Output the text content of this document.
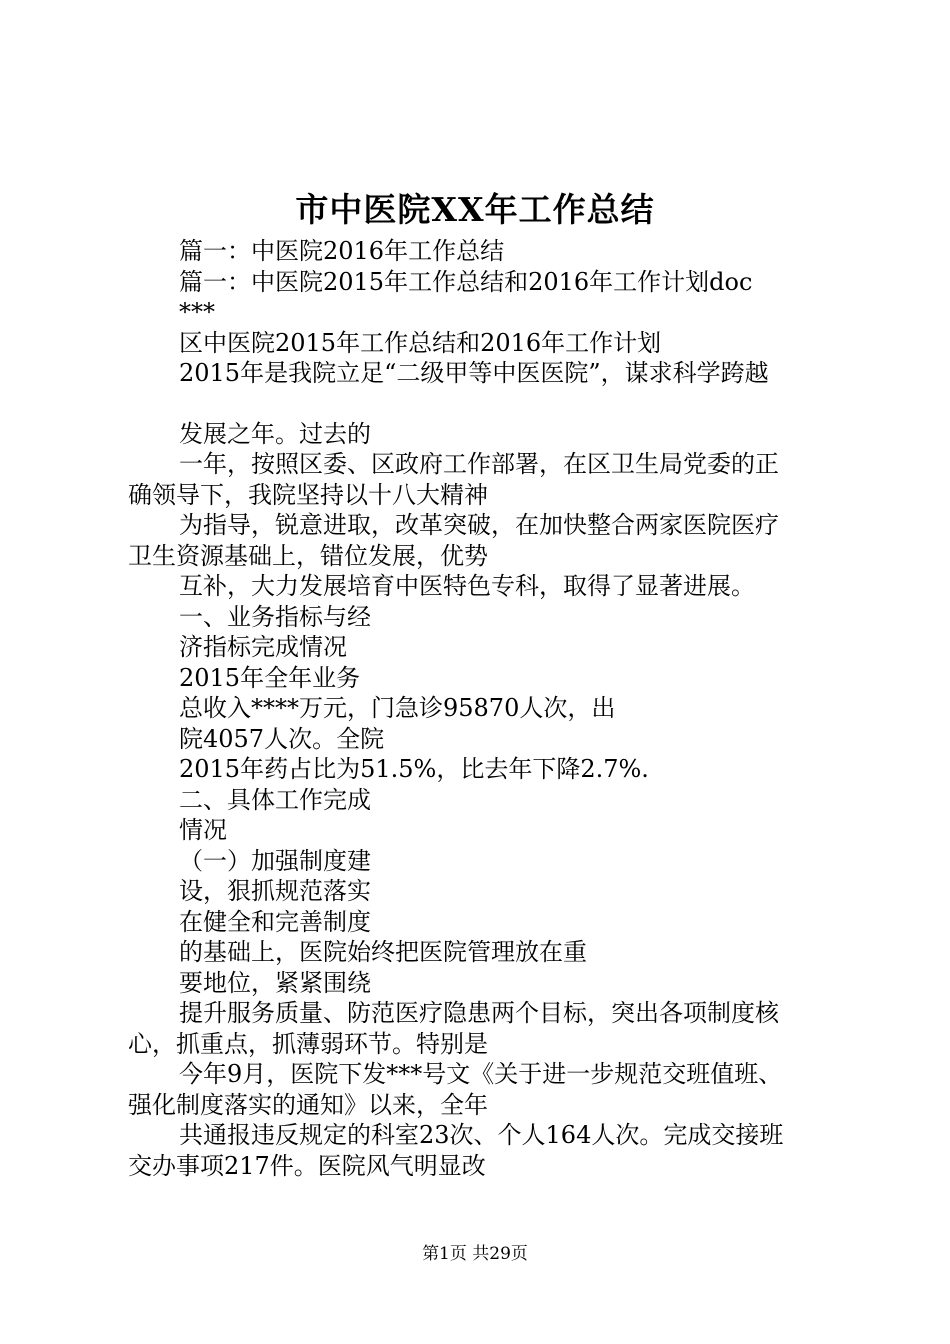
市中医院XX年工作总结
篇一：中医院2016年工作总结
篇一：中医院2015年工作总结和2016年工作计划doc
***
区中医院2015年工作总结和2016年工作计划
2015年是我院立足“二级甲等中医医院”，谋求科学跨越
发展之年。过去的
一年，按照区委、区政府工作部署，在区卫生局党委的正
确领导下，我院坚持以十八大精神
为指导，锐意进取，改革突破，在加快整合两家医院医疗
卫生资源基础上，错位发展，优势
互补，大力发展培育中医特色专科，取得了显著进展。
一、业务指标与经
济指标完成情况
2015年全年业务
总收入****万元，门急诊95870人次，出
院4057人次。全院
2015年药占比为51.5%，比去年下降2.7%.
二、具体工作完成
情况
（一）加强制度建
设，狠抓规范落实
在健全和完善制度
的基础上，医院始终把医院管理放在重
要地位，紧紧围绕
提升服务质量、防范医疗隐患两个目标，突出各项制度核
心，抓重点，抓薄弱环节。特别是
今年9月，医院下发***号文《关于进一步规范交班值班、
强化制度落实的通知》以来，全年
共通报违反规定的科室23次、个人164人次。完成交接班
交办事项217件。医院风气明显改
第1页 共29页
